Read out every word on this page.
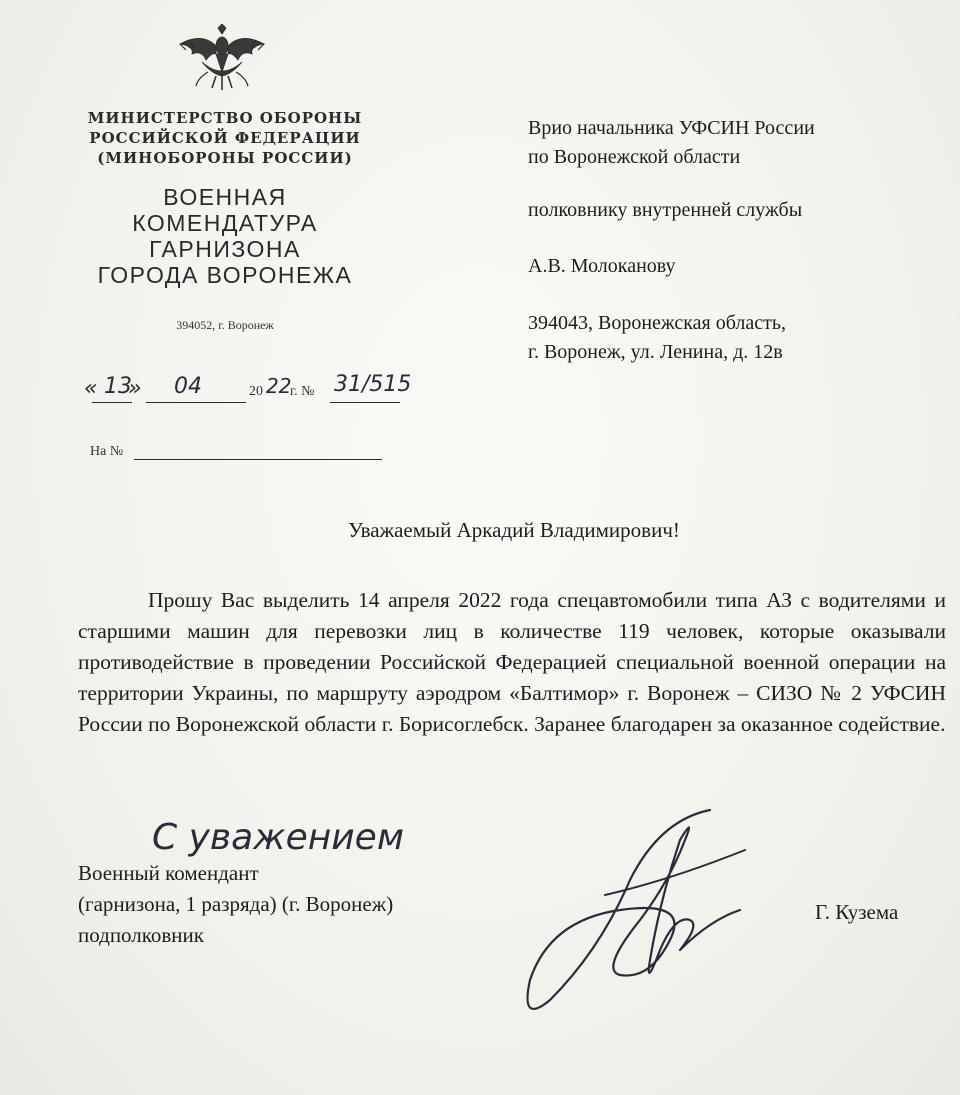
МИНИСТЕРСТВО ОБОРОНЫ
РОССИЙСКОЙ ФЕДЕРАЦИИ
(МИНОБОРОНЫ РОССИИ)
ВОЕННАЯ
КОМЕНДАТУРА
ГАРНИЗОНА
ГОРОДА ВОРОНЕЖА
394052, г. Воронеж
« 13
» 04	20 22
г. № 31/515
На №
Врио начальника УФСИН России
по Воронежской области
полковнику внутренней службы
А.В. Молоканову
394043, Воронежская область,
г. Воронеж, ул. Ленина, д. 12в
Уважаемый Аркадий Владимирович!
Прошу Вас выделить 14 апреля 2022 года спецавтомобили типа АЗ с водителями и старшими машин для перевозки лиц в количестве 119 человек, которые оказывали противодействие в проведении Российской Федерацией специальной военной операции на территории Украины, по маршруту аэродром «Балтимор» г. Воронеж – СИЗО № 2 УФСИН России по Воронежской области г. Борисоглебск. Заранее благодарен за оказанное содействие.
С уважением
Военный комендант
(гарнизона, 1 разряда) (г. Воронеж)
подполковник
Г. Кузема
